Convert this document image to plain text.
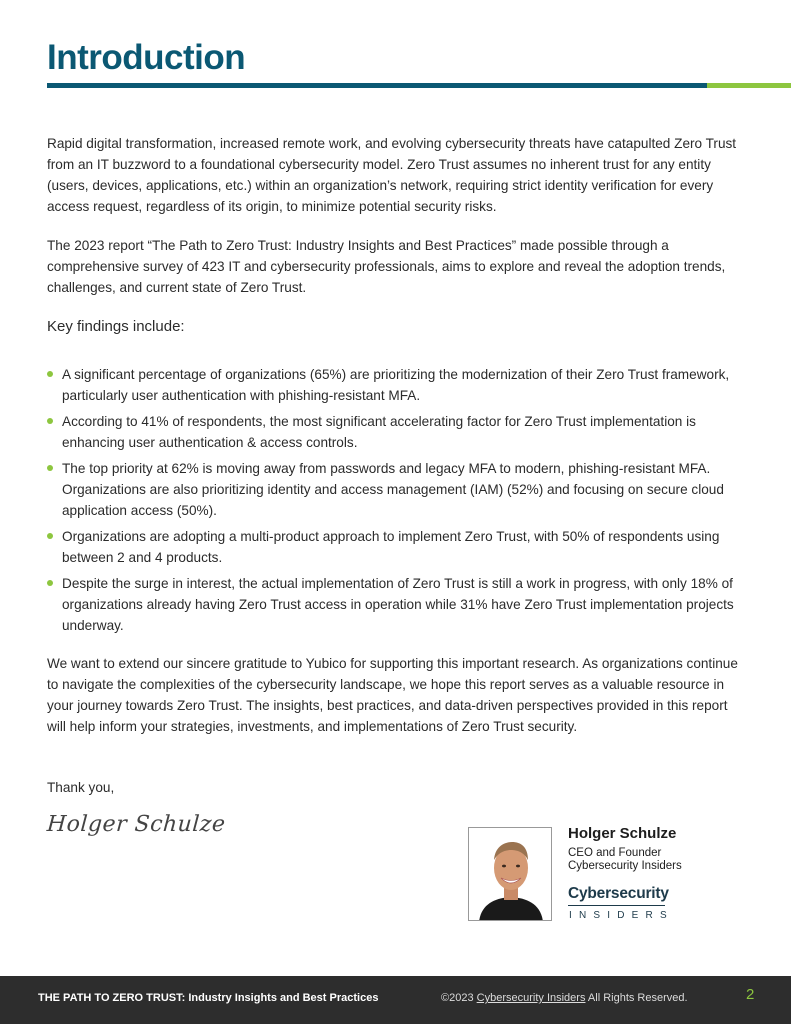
Introduction

Rapid digital transformation, increased remote work, and evolving cybersecurity threats have catapulted Zero Trust from an IT buzzword to a foundational cybersecurity model. Zero Trust assumes no inherent trust for any entity (users, devices, applications, etc.) within an organization’s network, requiring strict identity verification for every access request, regardless of its origin, to minimize potential security risks.

The 2023 report “The Path to Zero Trust: Industry Insights and Best Practices” made possible through a comprehensive survey of 423 IT and cybersecurity professionals, aims to explore and reveal the adoption trends, challenges, and current state of Zero Trust.

Key findings include:
A significant percentage of organizations (65%) are prioritizing the modernization of their Zero Trust framework, particularly user authentication with phishing-resistant MFA.
According to 41% of respondents, the most significant accelerating factor for Zero Trust implementation is enhancing user authentication & access controls.
The top priority at 62% is moving away from passwords and legacy MFA to modern, phishing-resistant MFA. Organizations are also prioritizing identity and access management (IAM) (52%) and focusing on secure cloud application access (50%).
Organizations are adopting a multi-product approach to implement Zero Trust, with 50% of respondents using between 2 and 4 products.
Despite the surge in interest, the actual implementation of Zero Trust is still a work in progress, with only 18% of organizations already having Zero Trust access in operation while 31% have Zero Trust implementation projects underway.

We want to extend our sincere gratitude to Yubico for supporting this important research. As organizations continue to navigate the complexities of the cybersecurity landscape, we hope this report serves as a valuable resource in your journey towards Zero Trust. The insights, best practices, and data-driven perspectives provided in this report will help inform your strategies, investments, and implementations of Zero Trust security.

Thank you,

Holger Schulze	Holger Schulze
CEO and Founder
Cybersecurity Insiders
Cybersecurity
INSIDERS
THE PATH TO ZERO TRUST: Industry Insights and Best Practices	©2023 Cybersecurity Insiders All Rights Reserved.	2
